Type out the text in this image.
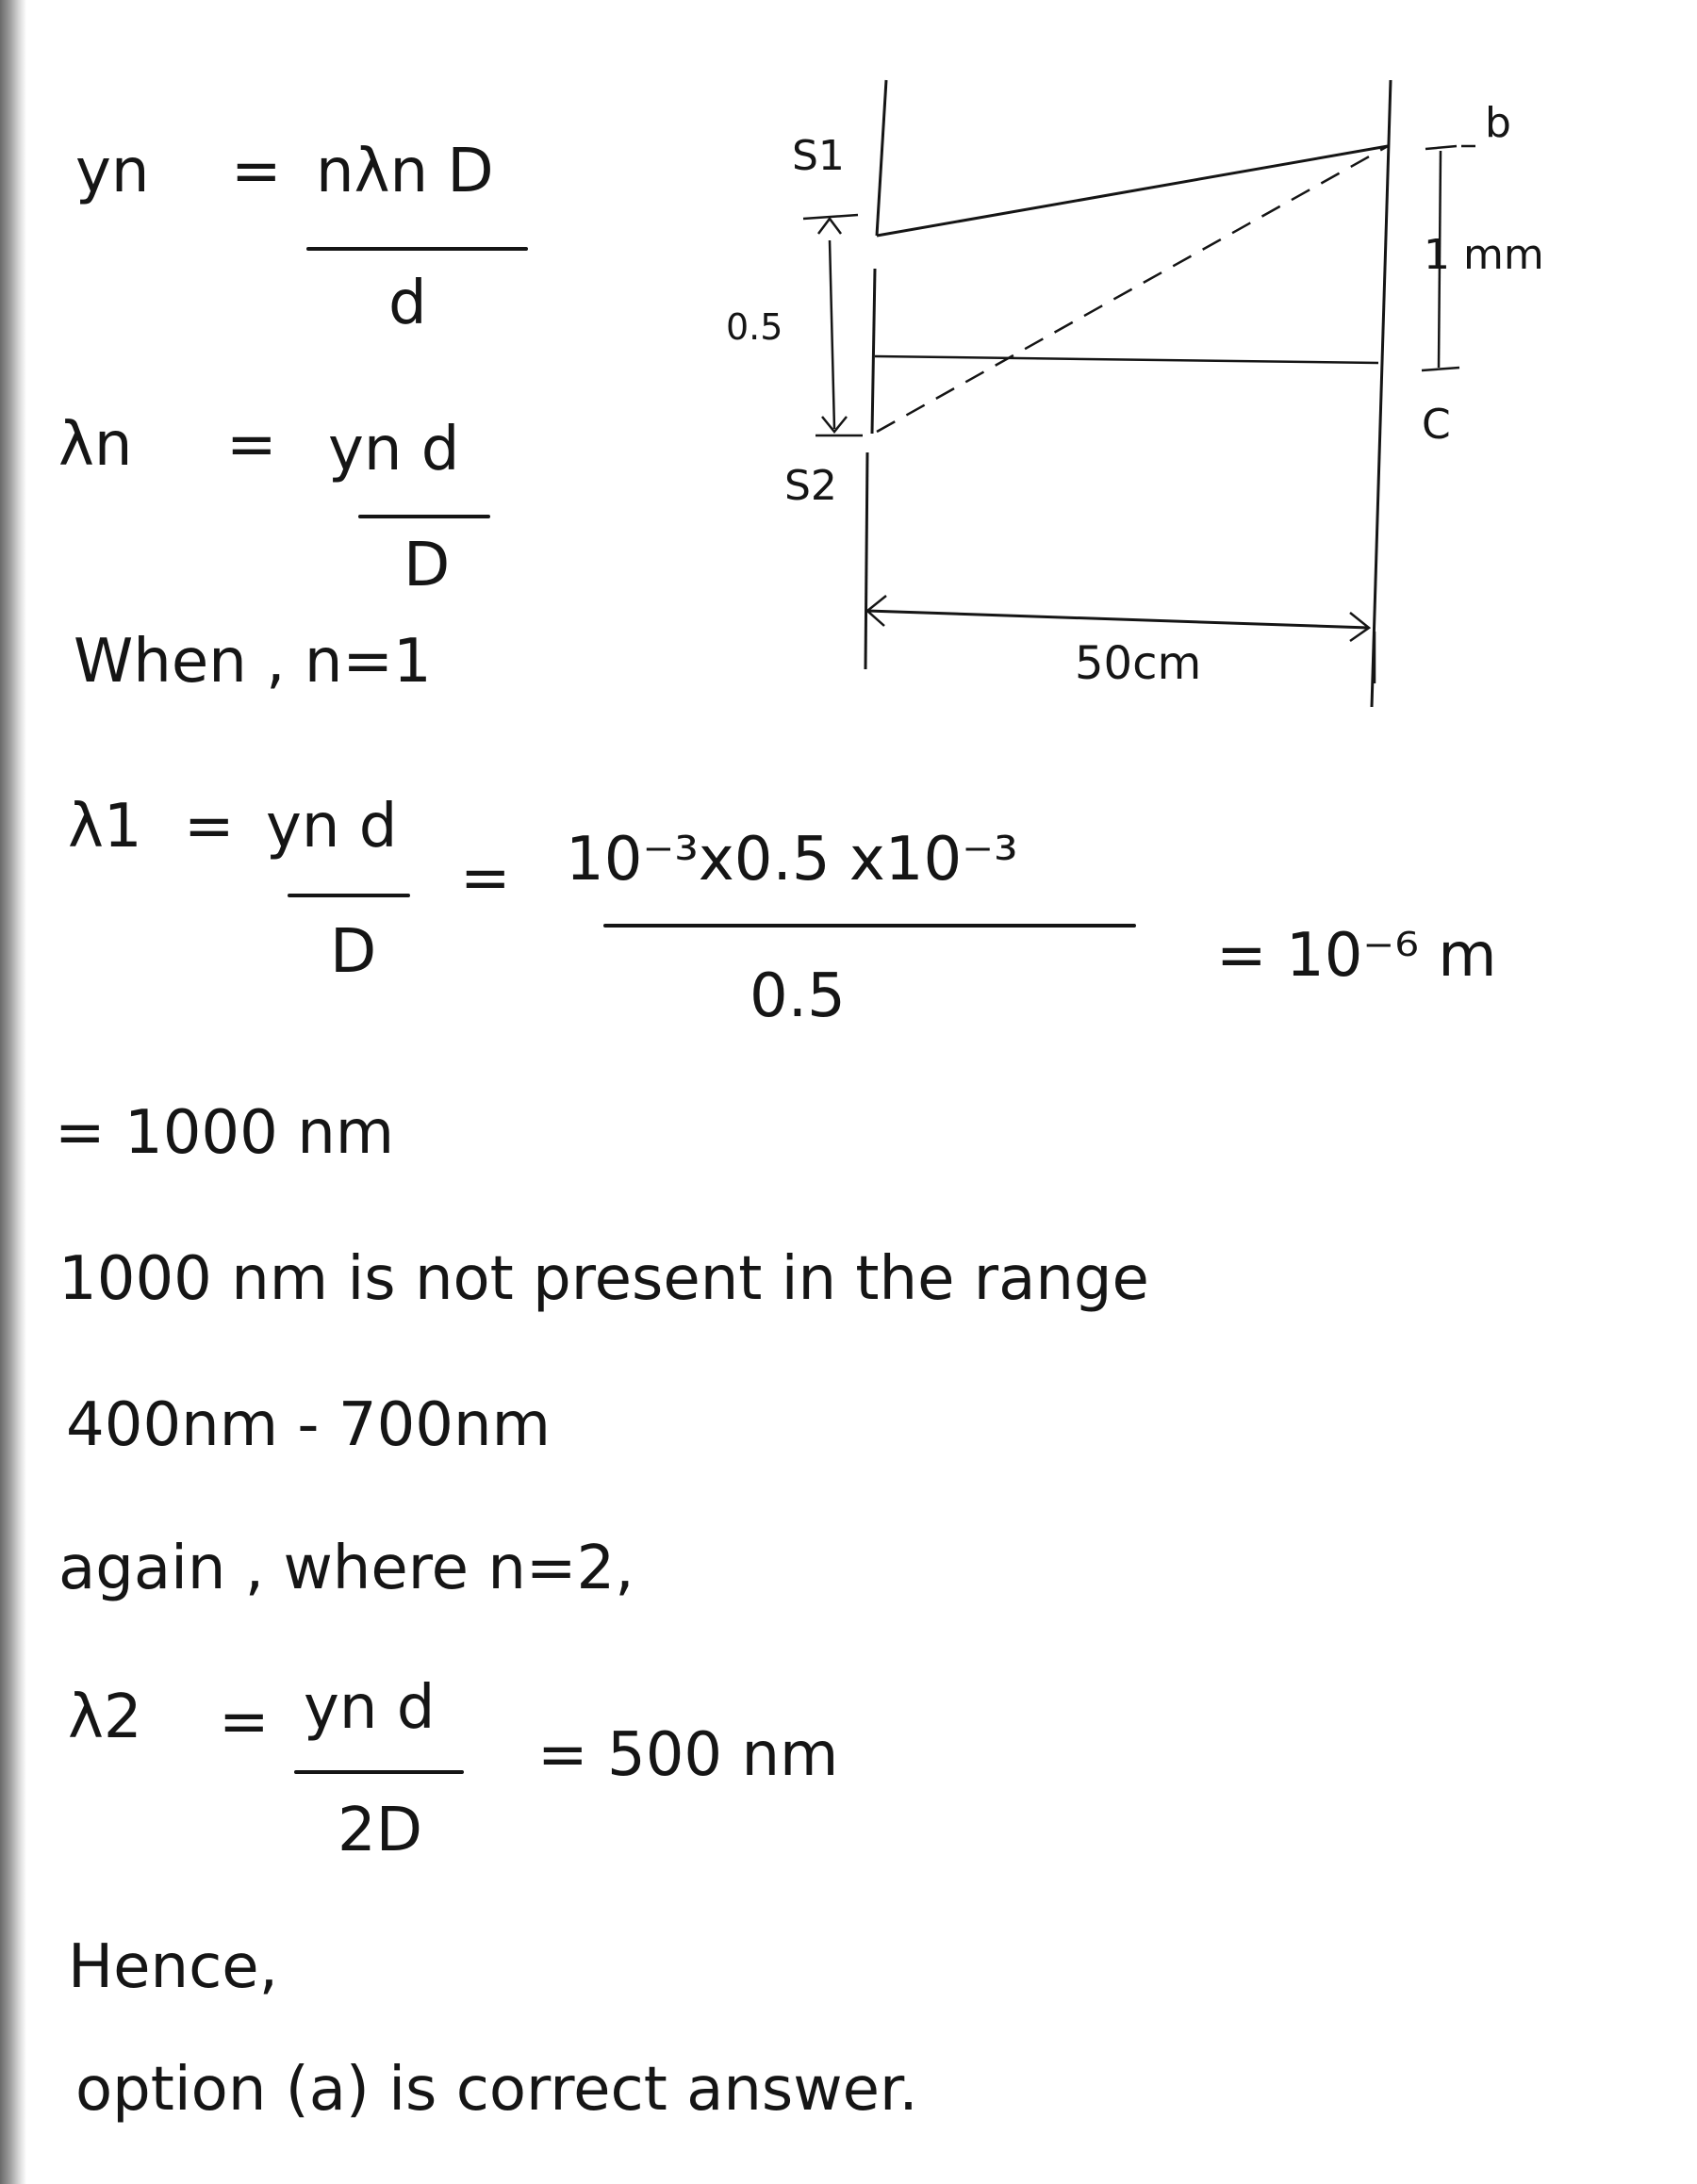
yn = nλn D
d
λn = yn d
D
When , n=1
λ1 = yn d
D
= 10⁻³x0.5 x10⁻³
0.5
= 10⁻⁶ m
= 1000 nm
1000 nm is not present in the range
400nm - 700nm
again , where n=2,
λ2 = yn d
2D
= 500 nm
Hence,
option (a) is correct answer.
S1
S2
0.5
1 mm
b
C
50cm
